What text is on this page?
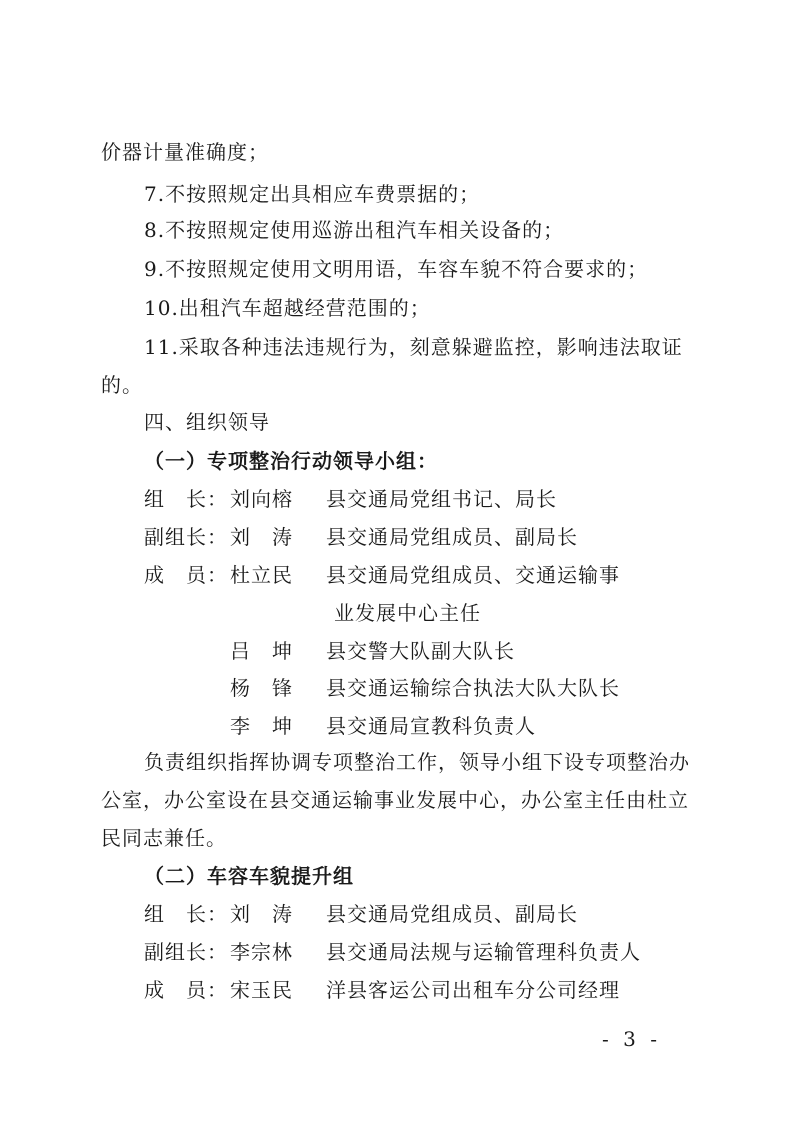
价器计量准确度；
7.不按照规定出具相应车费票据的；
8.不按照规定使用巡游出租汽车相关设备的；
9.不按照规定使用文明用语，车容车貌不符合要求的；
10.出租汽车超越经营范围的；
11.采取各种违法违规行为，刻意躲避监控，影响违法取证
的。
四、组织领导
（一）专项整治行动领导小组：
组　长： 刘向榕 县交通局党组书记、局长
副组长： 刘　涛 县交通局党组成员、副局长
成　员： 杜立民 县交通局党组成员、交通运输事
业发展中心主任
吕　坤 县交警大队副大队长
杨　锋 县交通运输综合执法大队大队长
李　坤 县交通局宣教科负责人
负责组织指挥协调专项整治工作，领导小组下设专项整治办
公室，办公室设在县交通运输事业发展中心，办公室主任由杜立
民同志兼任。
（二）车容车貌提升组
组　长： 刘　涛 县交通局党组成员、副局长
副组长： 李宗林 县交通局法规与运输管理科负责人
成　员： 宋玉民 洋县客运公司出租车分公司经理
- 3 -
